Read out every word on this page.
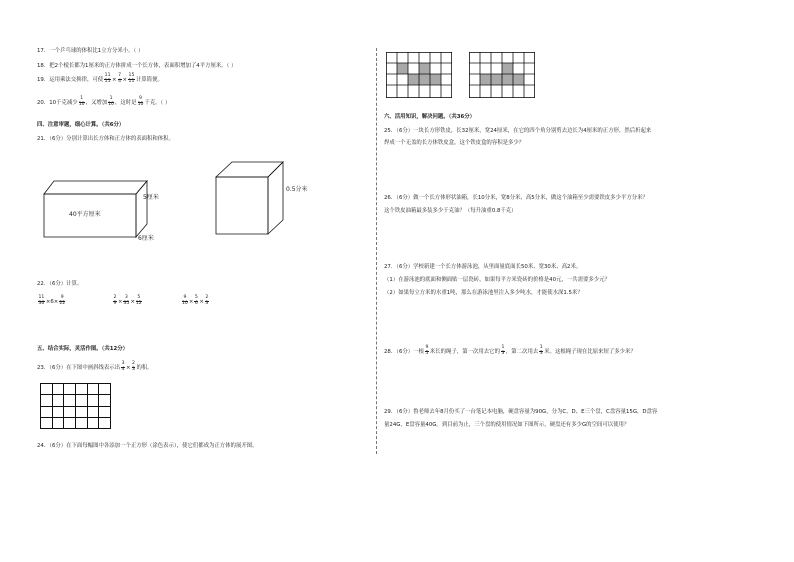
17．一个乒乓球的体积比1立方分米小。（ ）
18．把2个棱长都为1厘米的正方体拼成一个长方体，表面积增加了4平方厘米。（ ）
19．运用乘法交换律，可使 $\frac{11}{15} \times \frac{7}{4} \times \frac{15}{11}$ 计算简便。
20．10千克减少 $\frac{1}{10}$ ，又增加 $\frac{1}{10}$ ，这时是 $\frac{9}{10}$ 千克。（ ）
四、注意审题，细心计算。（共6分）
21．（6分）分别计算出长方体和正方体的表面积和体积。
5厘米
40平方厘米
6厘米
0.5分米
22．（6分）计算。
$\frac{11}{36} \times 6\times \frac{9}{22}$	$\frac{2}{9} \times \frac{3}{35} \times \frac{5}{12}$	$\frac{9}{10} \times \frac{5}{6} \times \frac{2}{3}$
五、结合实际，灵活作图。（共12分）
23．（6分）在下图中画斜线表示出 $\frac{3}{4} \times \frac{2}{3}$ 的积。

24．（6分）在下面每幅图中各添加一个正方形（涂色表示），使它们都成为正方体的展开图。
六、活用知识，解决问题。（共36分）
25．（6分）一块长方形铁皮，长32厘米，宽24厘米，在它的四个角分别剪去边长为4厘米的正方形，然后折起来
焊成一个无盖的长方体铁皮盒，这个铁皮盒的容积是多少？
26．（6分）做一个长方体形状油箱，长10分米，宽8分米，高5分米，做这个油箱至少需要铁皮多少平方分米？
这个铁皮油箱最多装多少千克油？（每升油重0.8千克）
27．（6分）学校新建一个长方体游泳池，从里面量底面长50米、宽30米、高2米。
（1）在游泳池的底面和侧面贴一层瓷砖，如果每平方米瓷砖的价格是40元，一共需要多少元？
（2）如果每立方米的水重1吨，那么在游泳池里注入多少吨水，才能使水深1.5米？
28．（6分）一根 $\frac{9}{5}$ 米长的绳子，第一次用去它的 $\frac{1}{3}$ ，第二次用去 $\frac{1}{3}$ 米。这根绳子现在比原来短了多少米？
29．（6分）鲁老师去年8月份买了一台笔记本电脑，硬盘容量为90G，分为C、D、E三个盘，C盘容量15G，D盘容
量24G，E盘容量40G。到目前为止，三个盘的使用情况如下图所示，硬盘还有多少G的空间可以使用？
